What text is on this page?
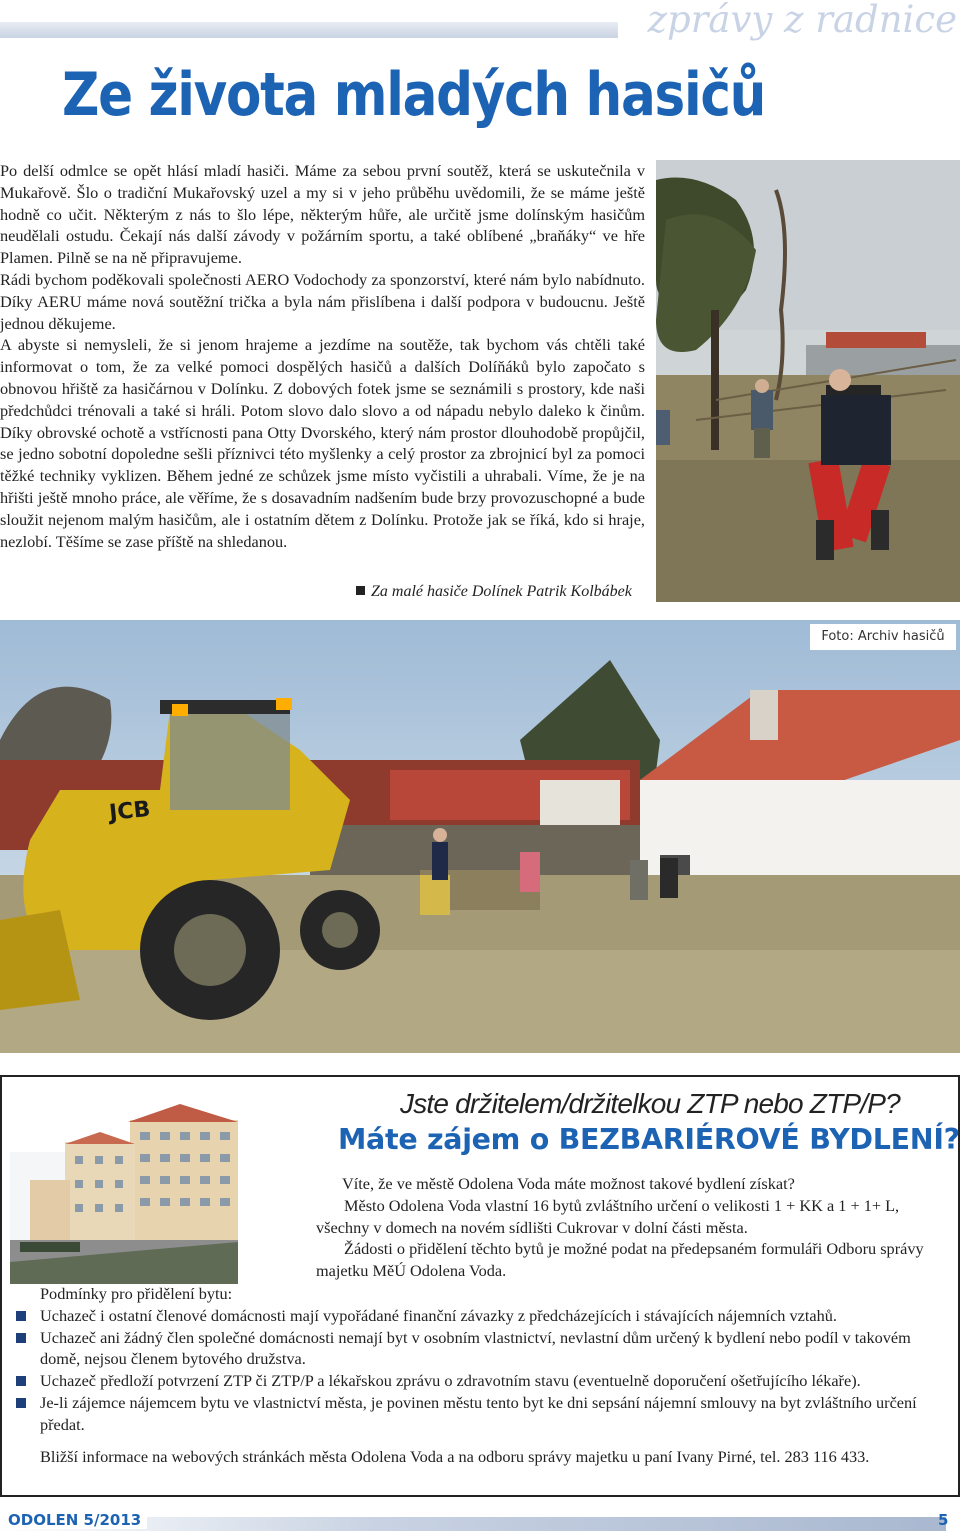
zprávy z radnice
Ze života mladých hasičů

Po delší odmlce se opět hlásí mladí hasiči. Máme za sebou první soutěž, která se uskutečnila v Mukařově. Šlo o tradiční Mukařovský uzel a my si v jeho průběhu uvědomili, že se máme ještě hodně co učit. Některým z nás to šlo lépe, některým hůře, ale určitě jsme dolínským hasičům neudělali ostudu. Čekají nás další závody v požárním sportu, a také oblíbené „braňáky“ ve hře Plamen. Pilně se na ně připravujeme.

Rádi bychom poděkovali společnosti AERO Vodochody za sponzorství, které nám bylo nabídnuto. Díky AERU máme nová soutěžní trička a byla nám přislíbena i další podpora v budoucnu. Ještě jednou děkujeme.

A abyste si nemysleli, že si jenom hrajeme a jezdíme na soutěže, tak bychom vás chtěli také informovat o tom, že za velké pomoci dospělých hasičů a dalších Dolíňáků bylo započato s obnovou hřiště za hasičárnou v Dolínku. Z dobových fotek jsme se seznámili s prostory, kde naši předchůdci trénovali a také si hráli. Potom slovo dalo slovo a od nápadu nebylo daleko k činům. Díky obrovské ochotě a vstřícnosti pana Otty Dvorského, který nám prostor dlouhodobě propůjčil, se jedno sobotní dopoledne sešli příznivci této myšlenky a celý prostor za zbrojnicí byl za pomoci těžké techniky vyklizen. Během jedné ze schůzek jsme místo vyčistili a uhrabali. Víme, že je na hřišti ještě mnoho práce, ale věříme, že s dosavadním nadšením bude brzy provozuschopné a bude sloužit nejenom malým hasičům, ale i ostatním dětem z Dolínku. Protože jak se říká, kdo si hraje, nezlobí. Těšíme se zase příště na shledanou.

Za malé hasiče Dolínek Patrik Kolbábek
JCB
Foto: Archiv hasičů
Jste držitelem/držitelkou ZTP nebo ZTP/P?
Máte zájem o BEZBARIÉROVÉ BYDLENÍ?

Víte, že ve městě Odolena Voda máte možnost takové bydlení získat?

Město Odolena Voda vlastní 16 bytů zvláštního určení o velikosti 1 + KK a 1 + 1+ L, všechny v domech na novém sídlišti Cukrovar v dolní části města.

Žádosti o přidělení těchto bytů je možné podat na předepsaném formuláři Odboru správy majetku MěÚ Odolena Voda.

Podmínky pro přidělení bytu:

Uchazeč i ostatní členové domácnosti mají vypořádané finanční závazky z předcházejících i stávajících nájemních vztahů.

Uchazeč ani žádný člen společné domácnosti nemají byt v osobním vlastnictví, nevlastní dům určený k bydlení nebo podíl v takovém domě, nejsou členem bytového družstva.

Uchazeč předloží potvrzení ZTP či ZTP/P a lékařskou zprávu o zdravotním stavu (eventuelně doporučení ošetřujícího lékaře).

Je-li zájemce nájemcem bytu ve vlastnictví města, je povinen městu tento byt ke dni sepsání nájemní smlouvy na byt zvláštního určení předat.

Bližší informace na webových stránkách města Odolena Voda a na odboru správy majetku u paní Ivany Pirné, tel. 283 116 433.

ODOLEN 5/2013	5
